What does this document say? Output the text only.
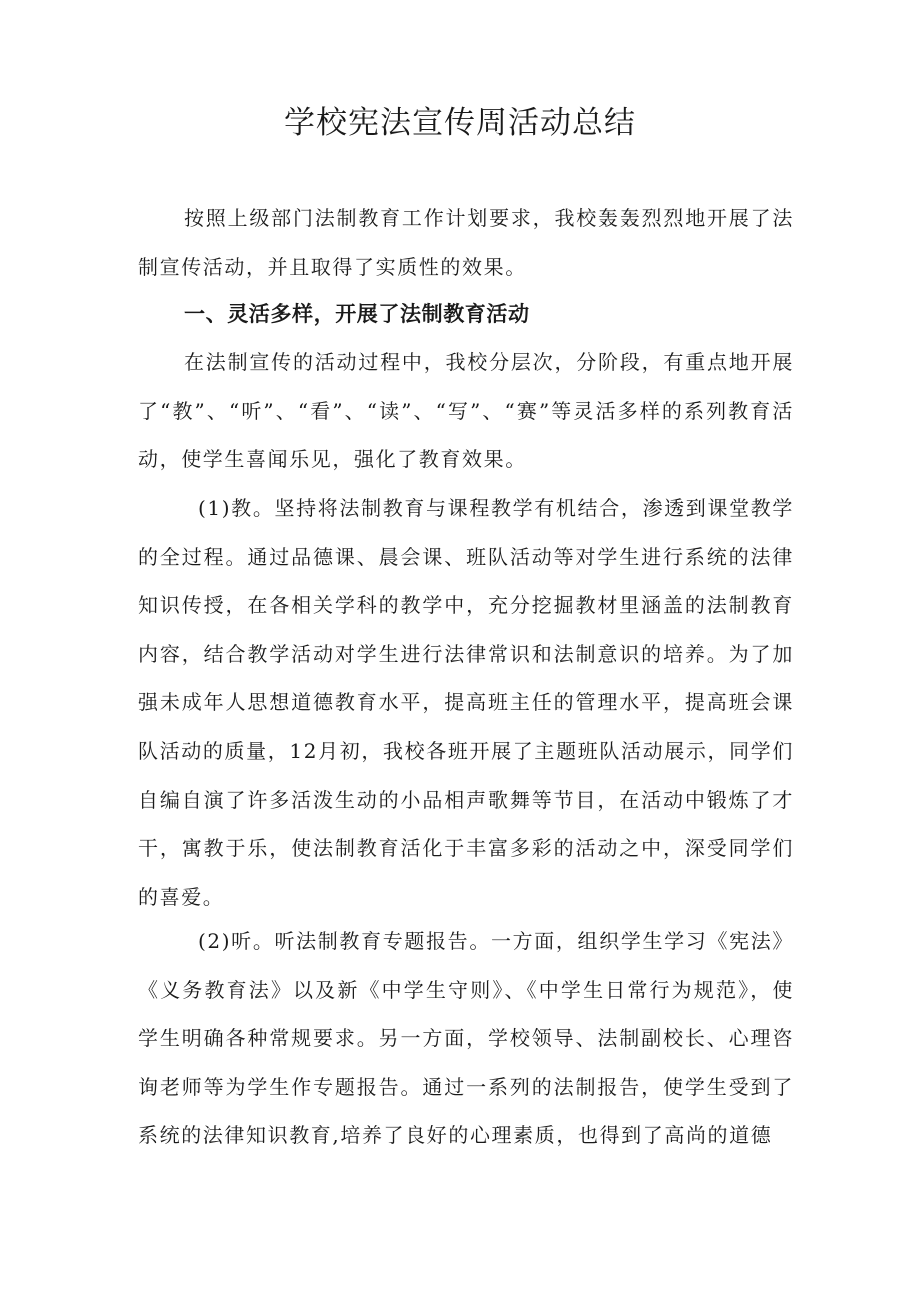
学校宪法宣传周活动总结

按照上级部门法制教育工作计划要求，我校轰轰烈烈地开展了法制宣传活动，并且取得了实质性的效果。

一、灵活多样，开展了法制教育活动

在法制宣传的活动过程中，我校分层次，分阶段，有重点地开展了“教”、“听”、“看”、“读”、“写”、“赛”等灵活多样的系列教育活动，使学生喜闻乐见，强化了教育效果。

(1)教。坚持将法制教育与课程教学有机结合，渗透到课堂教学的全过程。通过品德课、晨会课、班队活动等对学生进行系统的法律知识传授，在各相关学科的教学中，充分挖掘教材里涵盖的法制教育内容，结合教学活动对学生进行法律常识和法制意识的培养。为了加强未成年人思想道德教育水平，提高班主任的管理水平，提高班会课队活动的质量，12月初，我校各班开展了主题班队活动展示，同学们自编自演了许多活泼生动的小品相声歌舞等节目，在活动中锻炼了才干，寓教于乐，使法制教育活化于丰富多彩的活动之中，深受同学们的喜爱。

(2)听。听法制教育专题报告。一方面，组织学生学习《宪法》《义务教育法》以及新《中学生守则》、《中学生日常行为规范》，使学生明确各种常规要求。另一方面，学校领导、法制副校长、心理咨询老师等为学生作专题报告。通过一系列的法制报告，使学生受到了系统的法律知识教育,培养了良好的心理素质，也得到了高尚的道德
